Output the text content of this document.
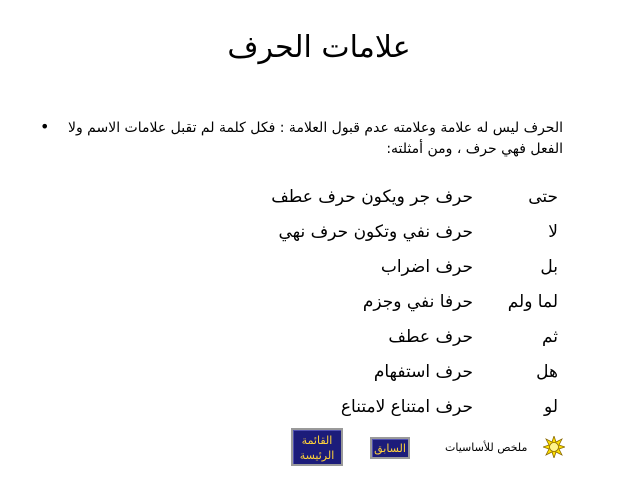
علامات الحرف
•	الحرف ليس له علامة وعلامته عدم قبول العلامة : فكل كلمة لم تقبل علامات الاسم ولا
الفعل فهي حرف ، ومن أمثلته:
حتى
حرف جر ويكون حرف عطف
لا
حرف نفي وتكون حرف نهي
بل
حرف اضراب
لما ولم
حرفا نفي وجزم
ثم
حرف عطف
هل
حرف استفهام
لو
حرف امتناع لامتناع
القائمة
الرئيسة
السابق	ملخص للأساسيات
